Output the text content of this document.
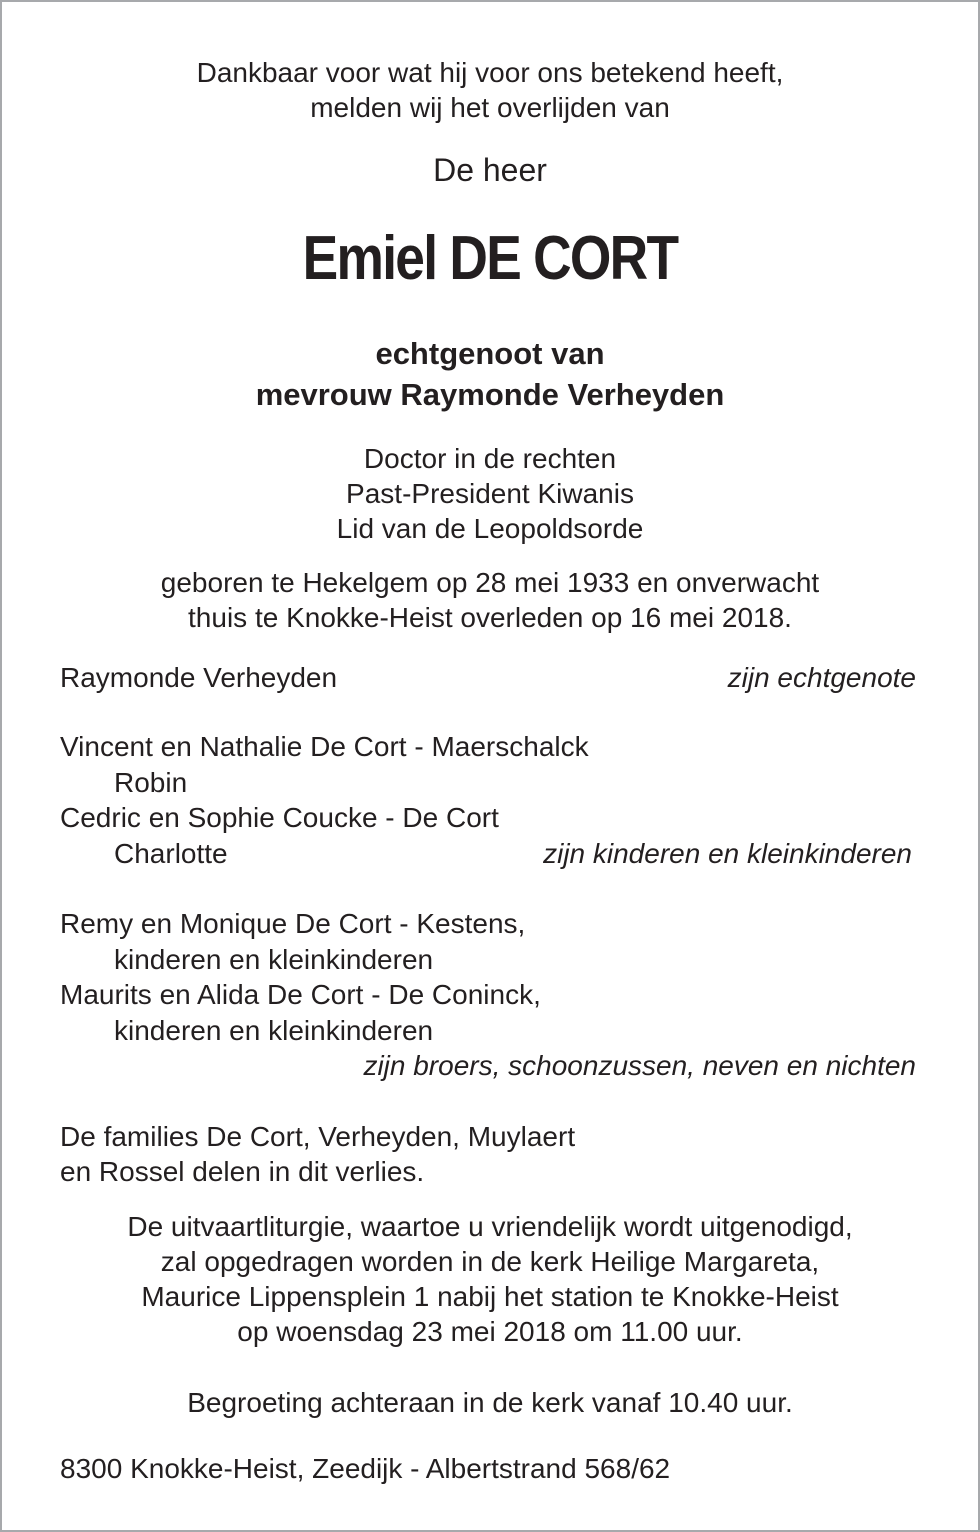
Dankbaar voor wat hij voor ons betekend heeft,
melden wij het overlijden van
De heer
Emiel DE CORT
echtgenoot van
mevrouw Raymonde Verheyden
Doctor in de rechten
Past-President Kiwanis
Lid van de Leopoldsorde
geboren te Hekelgem op 28 mei 1933 en onverwacht
thuis te Knokke-Heist overleden op 16 mei 2018.
Raymonde Verheyden	zijn echtgenote
Vincent en Nathalie De Cort - Maerschalck
Robin
Cedric en Sophie Coucke - De Cort
Charlotte	zijn kinderen en kleinkinderen
Remy en Monique De Cort - Kestens,
kinderen en kleinkinderen
Maurits en Alida De Cort - De Coninck,
kinderen en kleinkinderen
zijn broers, schoonzussen, neven en nichten
De families De Cort, Verheyden, Muylaert
en Rossel delen in dit verlies.
De uitvaartliturgie, waartoe u vriendelijk wordt uitgenodigd,
zal opgedragen worden in de kerk Heilige Margareta,
Maurice Lippensplein 1 nabij het station te Knokke-Heist
op woensdag 23 mei 2018 om 11.00 uur.
Begroeting achteraan in de kerk vanaf 10.40 uur.
8300 Knokke-Heist, Zeedijk - Albertstrand 568/62
